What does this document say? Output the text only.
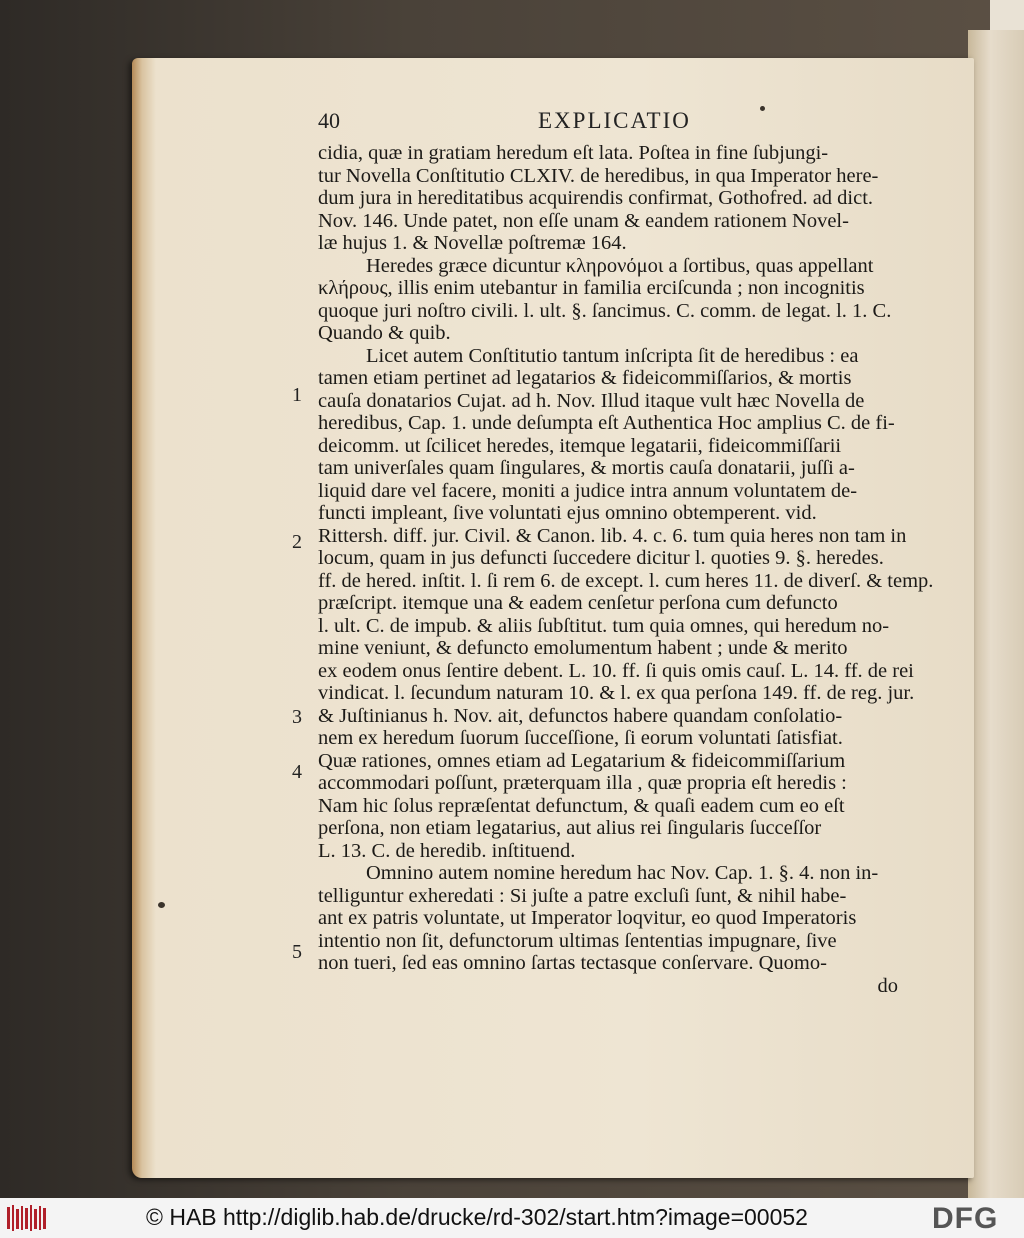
40	EXPLICATIO
cidia, quæ in gratiam heredum eſt lata. Poſtea in fine ſubjungi-
tur Novella Conſtitutio CLXIV. de heredibus, in qua Imperator here-
dum jura in hereditatibus acquirendis confirmat, Gothofred. ad dict.
Nov. 146. Unde patet, non eſſe unam & eandem rationem Novel-
læ hujus 1. & Novellæ poſtremæ 164.
Heredes græce dicuntur κληρονόμοι a ſortibus, quas appellant
κλήρους, illis enim utebantur in familia erciſcunda ; non incognitis
quoque juri noſtro civili. l. ult. §. ſancimus. C. comm. de legat. l. 1. C.
Quando & quib.
Licet autem Conſtitutio tantum inſcripta ſit de heredibus : ea
tamen etiam pertinet ad legatarios & fideicommiſſarios, & mortis
cauſa donatarios Cujat. ad h. Nov. Illud itaque vult hæc Novella de
heredibus, Cap. 1. unde deſumpta eſt Authentica Hoc amplius C. de fi-
deicomm. ut ſcilicet heredes, itemque legatarii, fideicommiſſarii
tam univerſales quam ſingulares, & mortis cauſa donatarii, juſſi a-
liquid dare vel facere, moniti a judice intra annum voluntatem de-
functi impleant, ſive voluntati ejus omnino obtemperent. vid.
Rittersh. diff. jur. Civil. & Canon. lib. 4. c. 6. tum quia heres non tam in
locum, quam in jus defuncti ſuccedere dicitur l. quoties 9. §. heredes.
ff. de hered. inſtit. l. ſi rem 6. de except. l. cum heres 11. de diverſ. & temp.
præſcript. itemque una & eadem cenſetur perſona cum defuncto
l. ult. C. de impub. & aliis ſubſtitut. tum quia omnes, qui heredum no-
mine veniunt, & defuncto emolumentum habent ; unde & merito
ex eodem onus ſentire debent. L. 10. ff. ſi quis omis cauſ. L. 14. ff. de rei
vindicat. l. ſecundum naturam 10. & l. ex qua perſona 149. ff. de reg. jur.
& Juſtinianus h. Nov. ait, defunctos habere quandam conſolatio-
nem ex heredum ſuorum ſucceſſione, ſi eorum voluntati ſatisfiat.
Quæ rationes, omnes etiam ad Legatarium & fideicommiſſarium
accommodari poſſunt, præterquam illa , quæ propria eſt heredis :
Nam hic ſolus repræſentat defunctum, & quaſi eadem cum eo eſt
perſona, non etiam legatarius, aut alius rei ſingularis ſucceſſor
L. 13. C. de heredib. inſtituend.
Omnino autem nomine heredum hac Nov. Cap. 1. §. 4. non in-
telliguntur exheredati : Si juſte a patre excluſi ſunt, & nihil habe-
ant ex patris voluntate, ut Imperator loqvitur, eo quod Imperatoris
intentio non ſit, defunctorum ultimas ſententias impugnare, ſive
non tueri, ſed eas omnino ſartas tectasque conſervare. Quomo-
do
1
2
3
4
5
© HAB http://diglib.hab.de/drucke/rd-302/start.htm?image=00052	DFG
